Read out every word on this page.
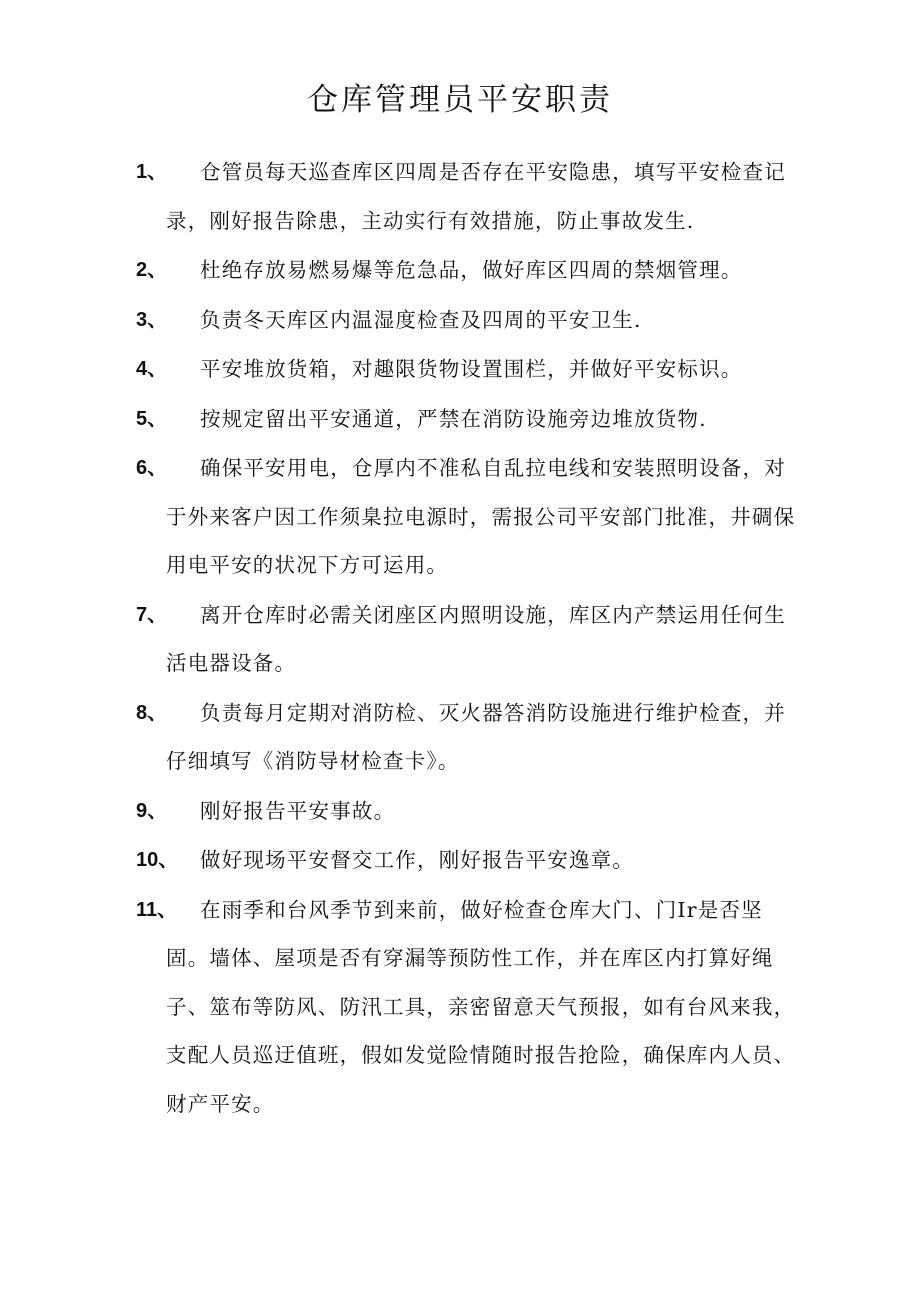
仓库管理员平安职责
1、	仓管员每天巡查库区四周是否存在平安隐患，填写平安检查记录，刚好报告除患，主动实行有效措施，防止事故发生.
2、	杜绝存放易燃易爆等危急品，做好库区四周的禁烟管理。
3、	负责冬天库区内温湿度检查及四周的平安卫生.
4、	平安堆放货箱，对趣限货物设置围栏，并做好平安标识。
5、	按规定留出平安通道，严禁在消防设施旁边堆放货物.
6、	确保平安用电，仓厚内不准私自乱拉电线和安装照明设备，对于外来客户因工作须臬拉电源时，需报公司平安部门批准，井碉保用电平安的状况下方可运用。
7、	离开仓库时必需关闭座区内照明设施，库区内产禁运用任何生活电器设备。
8、	负责每月定期对消防检、灭火器答消防设施进行维护检查，并仔细填写《消防导材检查卡》。
9、	刚好报告平安事故。
10、	做好现场平安督交工作，刚好报告平安逸章。
11、	在雨季和台风季节到来前，做好检查仓库大门、门Ir是否坚固。墙体、屋项是否有穿漏等预防性工作，并在库区内打算好绳子、筮布等防风、防汛工具，亲密留意天气预报，如有台风来我，支配人员巡迂值班，假如发觉险情随时报告抢险，确保库内人员、财产平安。
